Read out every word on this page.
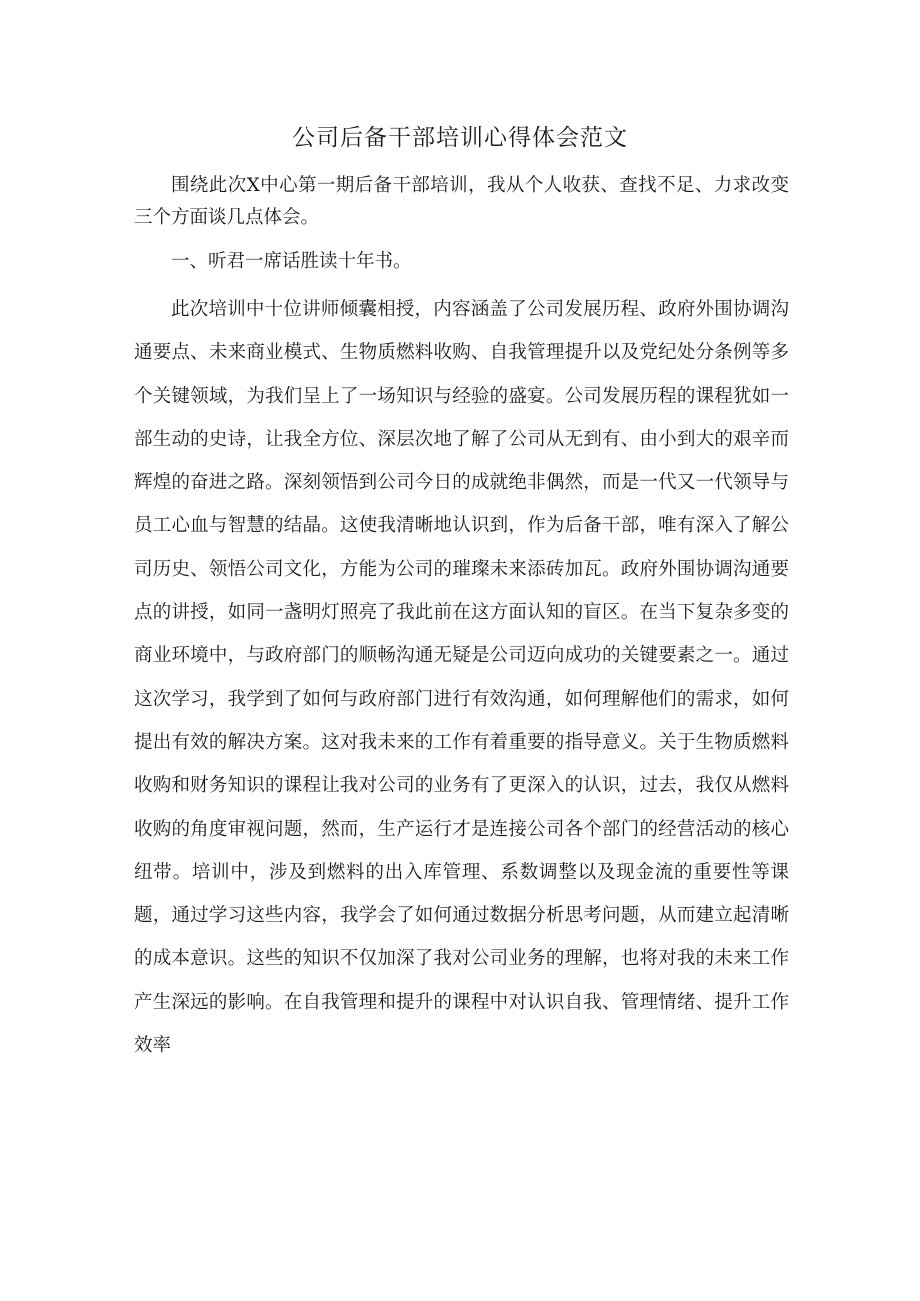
公司后备干部培训心得体会范文

围绕此次X中心第一期后备干部培训，我从个人收获、查找不足、力求改变三个方面谈几点体会。

一、听君一席话胜读十年书。

此次培训中十位讲师倾囊相授，内容涵盖了公司发展历程、政府外围协调沟通要点、未来商业模式、生物质燃料收购、自我管理提升以及党纪处分条例等多个关键领域，为我们呈上了一场知识与经验的盛宴。公司发展历程的课程犹如一部生动的史诗，让我全方位、深层次地了解了公司从无到有、由小到大的艰辛而辉煌的奋进之路。深刻领悟到公司今日的成就绝非偶然，而是一代又一代领导与员工心血与智慧的结晶。这使我清晰地认识到，作为后备干部，唯有深入了解公司历史、领悟公司文化，方能为公司的璀璨未来添砖加瓦。政府外围协调沟通要点的讲授，如同一盏明灯照亮了我此前在这方面认知的盲区。在当下复杂多变的商业环境中，与政府部门的顺畅沟通无疑是公司迈向成功的关键要素之一。通过这次学习，我学到了如何与政府部门进行有效沟通，如何理解他们的需求，如何提出有效的解决方案。这对我未来的工作有着重要的指导意义。关于生物质燃料收购和财务知识的课程让我对公司的业务有了更深入的认识，过去，我仅从燃料收购的角度审视问题，然而，生产运行才是连接公司各个部门的经营活动的核心纽带。培训中，涉及到燃料的出入库管理、系数调整以及现金流的重要性等课题，通过学习这些内容，我学会了如何通过数据分析思考问题，从而建立起清晰的成本意识。这些的知识不仅加深了我对公司业务的理解，也将对我的未来工作产生深远的影响。在自我管理和提升的课程中对认识自我、管理情绪、提升工作效率
